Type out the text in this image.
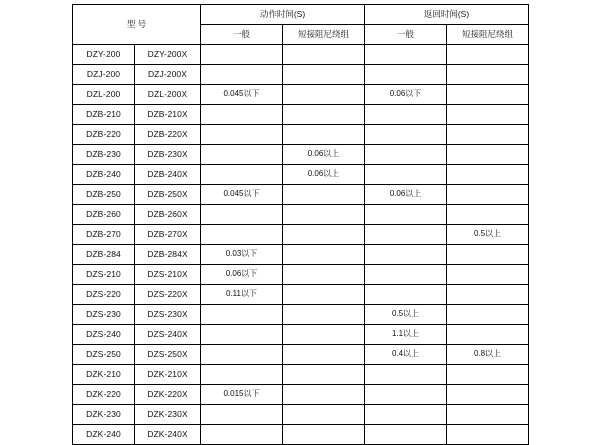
型 号		动作时间(S)		返回时间(S)	
		一般	短接阻尼绕组	一般	短接阻尼绕组
DZY-200	DZY-200X				
DZJ-200	DZJ-200X				
DZL-200	DZL-200X	0.045以下		0.06以下	
DZB-210	DZB-210X				
DZB-220	DZB-220X				
DZB-230	DZB-230X		0.06以上		
DZB-240	DZB-240X		0.06以上		
DZB-250	DZB-250X	0.045以下		0.06以上	
DZB-260	DZB-260X				
DZB-270	DZB-270X				0.5以上
DZB-284	DZB-284X	0.03以下			
DZS-210	DZS-210X	0.06以下			
DZS-220	DZS-220X	0.11以下			
DZS-230	DZS-230X			0.5以上	
DZS-240	DZS-240X			1.1以上	
DZS-250	DZS-250X			0.4以上	0.8以上
DZK-210	DZK-210X				
DZK-220	DZK-220X	0.015以下			
DZK-230	DZK-230X				
DZK-240	DZK-240X				
